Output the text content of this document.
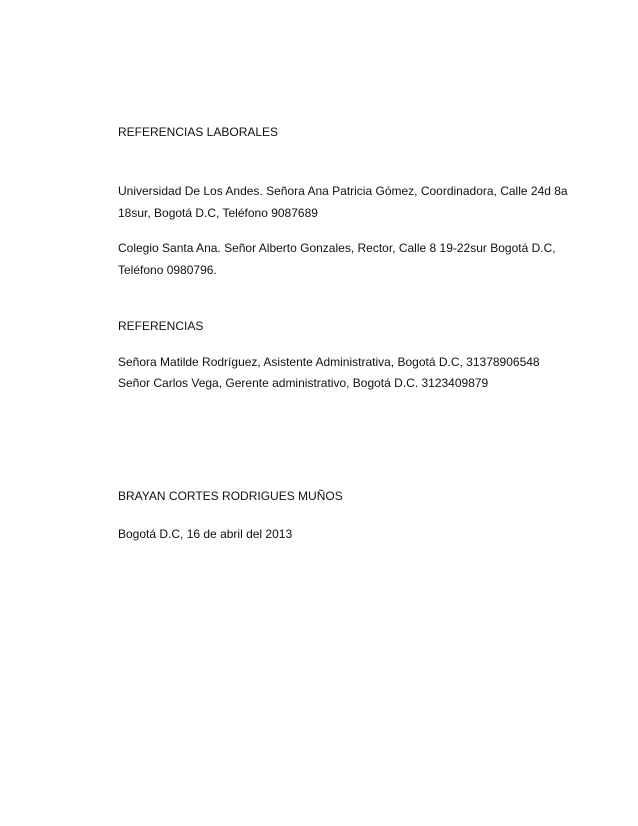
REFERENCIAS LABORALES

Universidad De Los Andes. Señora Ana Patricia Gómez, Coordinadora, Calle 24d 8a

18sur, Bogotá D.C, Teléfono 9087689

Colegio Santa Ana. Señor Alberto Gonzales, Rector, Calle 8 19-22sur Bogotá D.C,

Teléfono 0980796.

REFERENCIAS

Señora Matilde Rodríguez, Asistente Administrativa, Bogotá D.C, 31378906548

Señor Carlos Vega, Gerente administrativo, Bogotá D.C. 3123409879

BRAYAN CORTES RODRIGUES MUÑOS

Bogotá D.C, 16 de abril del 2013
